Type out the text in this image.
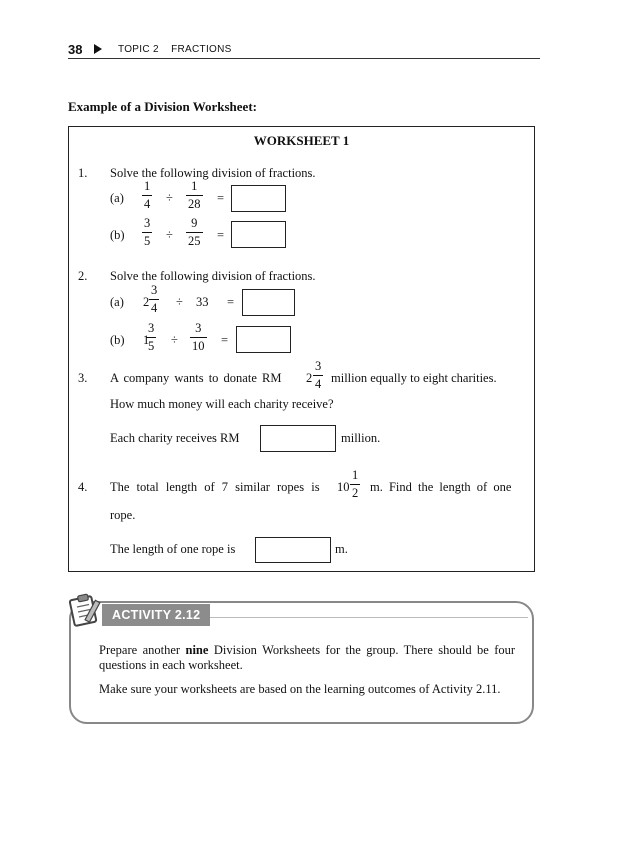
38	TOPIC 2    FRACTIONS
Example of a Division Worksheet:
WORKSHEET 1
1. Solve the following division of fractions.
(a)
1
4 ÷
1
28 =
(b)
3
5 ÷
9
25 =
2. Solve the following division of fractions.
(a) 2
3
4 ÷ 33 =
(b) 1
3
5 ÷
3
10 =
3. A company wants to donate RM 2
3
4 million equally to eight charities.
How much money will each charity receive?
Each charity receives RM	million.
4. The total length of 7 similar ropes is 10
1
2 m. Find the length of one
rope.
The length of one rope is	m.
ACTIVITY 2.12
Prepare another nine Division Worksheets for the group. There should be four questions in each worksheet.
Make sure your worksheets are based on the learning outcomes of Activity 2.11.
